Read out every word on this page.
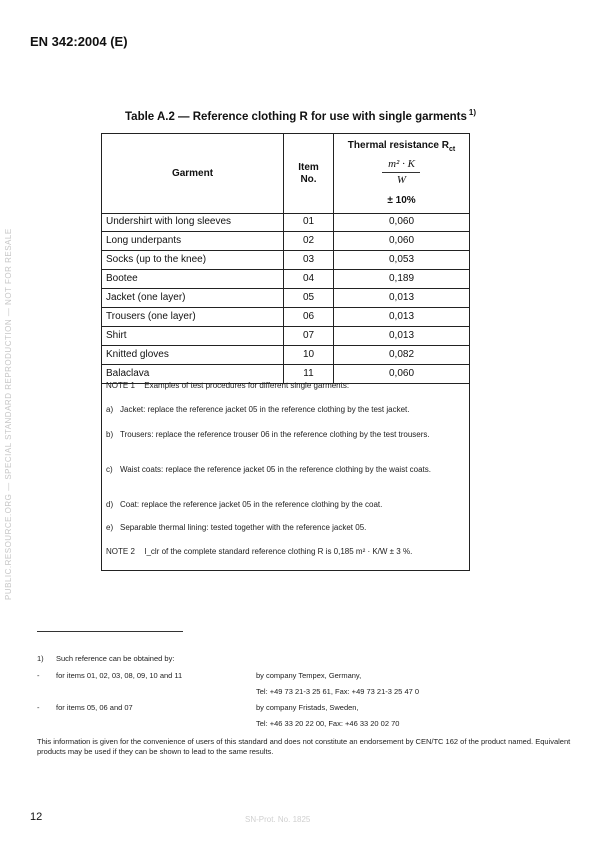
EN 342:2004 (E)
PUBLIC.RESOURCE.ORG — SPECIAL STANDARD REPRODUCTION — NOT FOR RESALE
Table A.2 — Reference clothing R for use with single garments $^{1)}$
Garment
Item
No.
Thermal resistance $R_{ct}$
m² · K
W
± 10%
Undershirt with long sleeves	01	0,060
Long underpants	02	0,060
Socks (up to the knee)	03	0,053
Bootee	04	0,189
Jacket (one layer)	05	0,013
Trousers (one layer)	06	0,013
Shirt	07	0,013
Knitted gloves	10	0,082
Balaclava	11	0,060
NOTE 1 Examples of test procedures for different single garments:
a) Jacket: replace the reference jacket 05 in the reference clothing by the test jacket.
b) Trousers: replace the reference trouser 06 in the reference clothing by the test trousers.
c) Waist coats: replace the reference jacket 05 in the reference clothing by the waist coats.
d) Coat: replace the reference jacket 05 in the reference clothing by the coat.
e) Separable thermal lining: tested together with the reference jacket 05.
NOTE 2 I_clr of the complete standard reference clothing R is 0,185 m² · K/W ± 3 %.
1) Such reference can be obtained by:
- for items 01, 02, 03, 08, 09, 10 and 11	by company Tempex, Germany,
Tel: +49 73 21-3 25 61, Fax: +49 73 21-3 25 47 0
- for items 05, 06 and 07	by company Fristads, Sweden,
Tel: +46 33 20 22 00, Fax: +46 33 20 02 70
This information is given for the convenience of users of this standard and does not constitute an endorsement by CEN/TC 162 of the product named. Equivalent products may be used if they can be shown to lead to the same results.
12	SN-Prot. No. 1825
